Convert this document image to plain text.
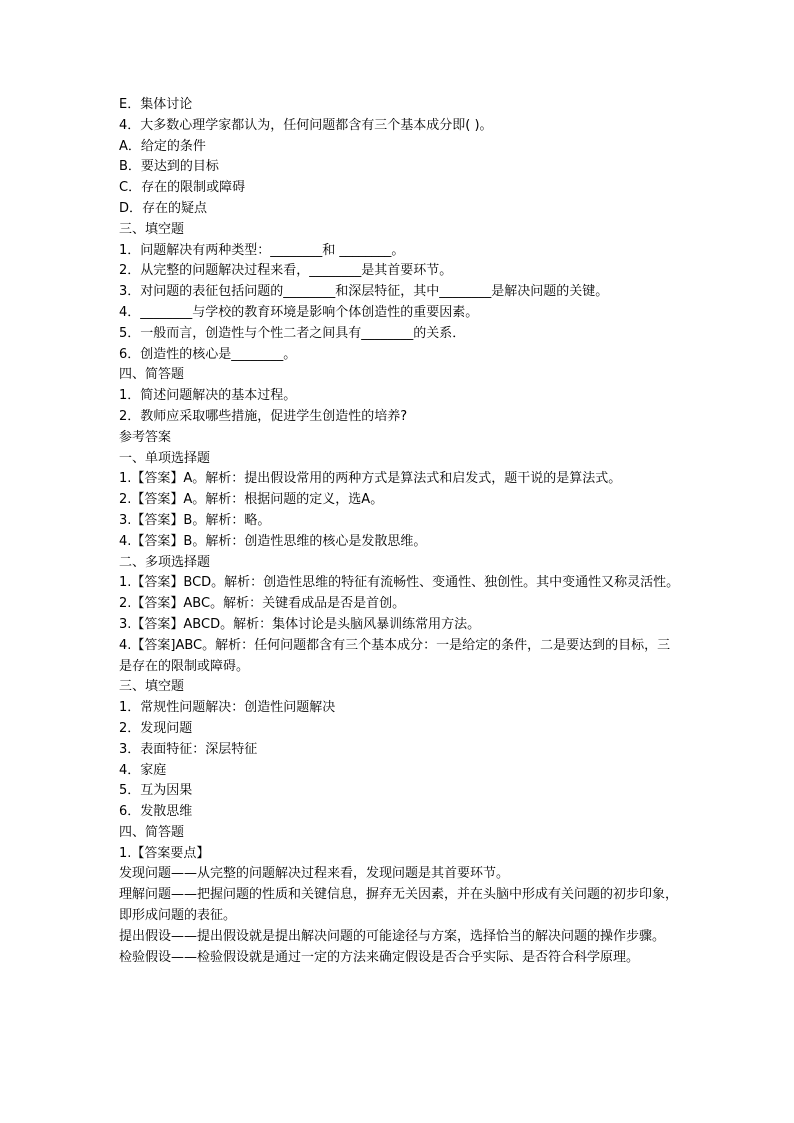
E．集体讨论
4．大多数心理学家都认为，任何问题都含有三个基本成分即( )。
A．给定的条件
B．要达到的目标
C．存在的限制或障碍
D．存在的疑点
三、填空题
1．问题解决有两种类型：________和 ________。
2．从完整的问题解决过程来看，________是其首要环节。
3．对问题的表征包括问题的________和深层特征，其中________是解决问题的关键。
4．________与学校的教育环境是影响个体创造性的重要因素。
5．一般而言，创造性与个性二者之间具有________的关系．
6．创造性的核心是________。
四、简答题
1．简述问题解决的基本过程。
2．教师应采取哪些措施，促进学生创造性的培养?
参考答案
一、单项选择题
1.【答案】A。解析：提出假设常用的两种方式是算法式和启发式，题干说的是算法式。
2.【答案】A。解析：根据问题的定义，选A。
3.【答案】B。解析：略。
4.【答案】B。解析：创造性思维的核心是发散思维。
二、多项选择题
1.【答案】BCD。解析：创造性思维的特征有流畅性、变通性、独创性。其中变通性又称灵活性。
2.【答案】ABC。解析：关键看成品是否是首创。
3.【答案】ABCD。解析：集体讨论是头脑风暴训练常用方法。
4.【答案]ABC。解析：任何问题都含有三个基本成分：一是给定的条件，二是要达到的目标，三是存在的限制或障碍。
三、填空题
1．常规性问题解决：创造性问题解决
2．发现问题
3．表面特征：深层特征
4．家庭
5．互为因果
6．发散思维
四、简答题
1.【答案要点】
发现问题——从完整的问题解决过程来看，发现问题是其首要环节。
理解问题——把握问题的性质和关键信息，摒弃无关因素，并在头脑中形成有关问题的初步印象，即形成问题的表征。
提出假设——提出假设就是提出解决问题的可能途径与方案，选择恰当的解决问题的操作步骤。
检验假设——检验假设就是通过一定的方法来确定假设是否合乎实际、是否符合科学原理。
